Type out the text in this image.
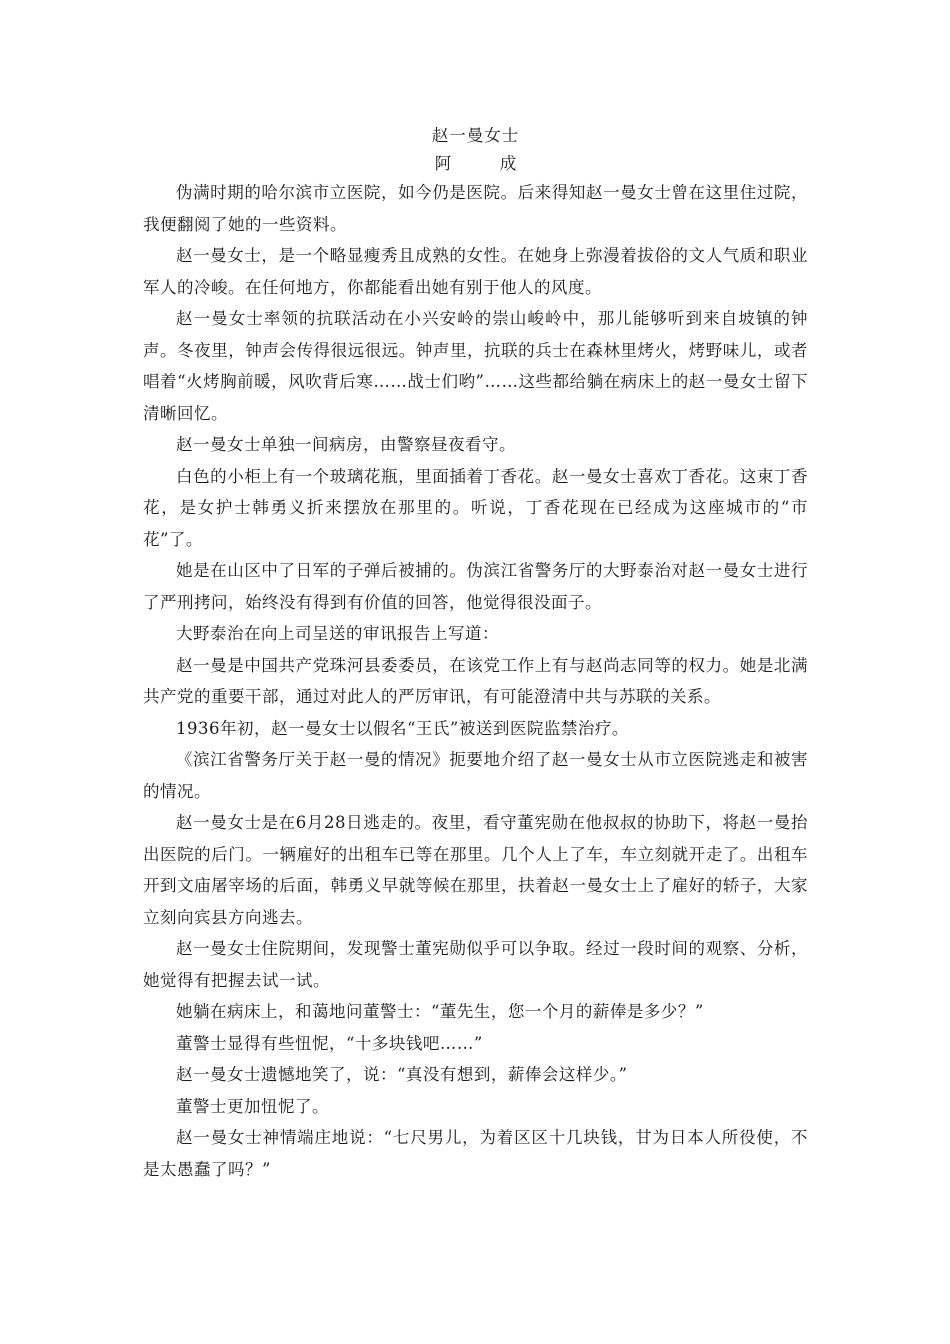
赵一曼女士
阿　成

伪满时期的哈尔滨市立医院，如今仍是医院。后来得知赵一曼女士曾在这里住过院，我便翻阅了她的一些资料。

赵一曼女士，是一个略显瘦秀且成熟的女性。在她身上弥漫着拔俗的文人气质和职业军人的冷峻。在任何地方，你都能看出她有别于他人的风度。

赵一曼女士率领的抗联活动在小兴安岭的崇山峻岭中，那儿能够听到来自坡镇的钟声。冬夜里，钟声会传得很远很远。钟声里，抗联的兵士在森林里烤火，烤野味儿，或者唱着“火烤胸前暖，风吹背后寒……战士们哟”……这些都给躺在病床上的赵一曼女士留下清晰回忆。

赵一曼女士单独一间病房，由警察昼夜看守。

白色的小柜上有一个玻璃花瓶，里面插着丁香花。赵一曼女士喜欢丁香花。这束丁香花，是女护士韩勇义折来摆放在那里的。听说，丁香花现在已经成为这座城市的“市花”了。

她是在山区中了日军的子弹后被捕的。伪滨江省警务厅的大野泰治对赵一曼女士进行了严刑拷问，始终没有得到有价值的回答，他觉得很没面子。

大野泰治在向上司呈送的审讯报告上写道：

赵一曼是中国共产党珠河县委委员，在该党工作上有与赵尚志同等的权力。她是北满共产党的重要干部，通过对此人的严厉审讯，有可能澄清中共与苏联的关系。

1936年初，赵一曼女士以假名“王氏”被送到医院监禁治疗。

《滨江省警务厅关于赵一曼的情况》扼要地介绍了赵一曼女士从市立医院逃走和被害的情况。

赵一曼女士是在6月28日逃走的。夜里，看守董宪勋在他叔叔的协助下，将赵一曼抬出医院的后门。一辆雇好的出租车已等在那里。几个人上了车，车立刻就开走了。出租车开到文庙屠宰场的后面，韩勇义早就等候在那里，扶着赵一曼女士上了雇好的轿子，大家立刻向宾县方向逃去。

赵一曼女士住院期间，发现警士董宪勋似乎可以争取。经过一段时间的观察、分析，她觉得有把握去试一试。

她躺在病床上，和蔼地问董警士：“董先生，您一个月的薪俸是多少？”

董警士显得有些忸怩，“十多块钱吧……”

赵一曼女士遗憾地笑了，说：“真没有想到，薪俸会这样少。”

董警士更加忸怩了。

赵一曼女士神情端庄地说：“七尺男儿，为着区区十几块钱，甘为日本人所役使，不是太愚蠢了吗？”
